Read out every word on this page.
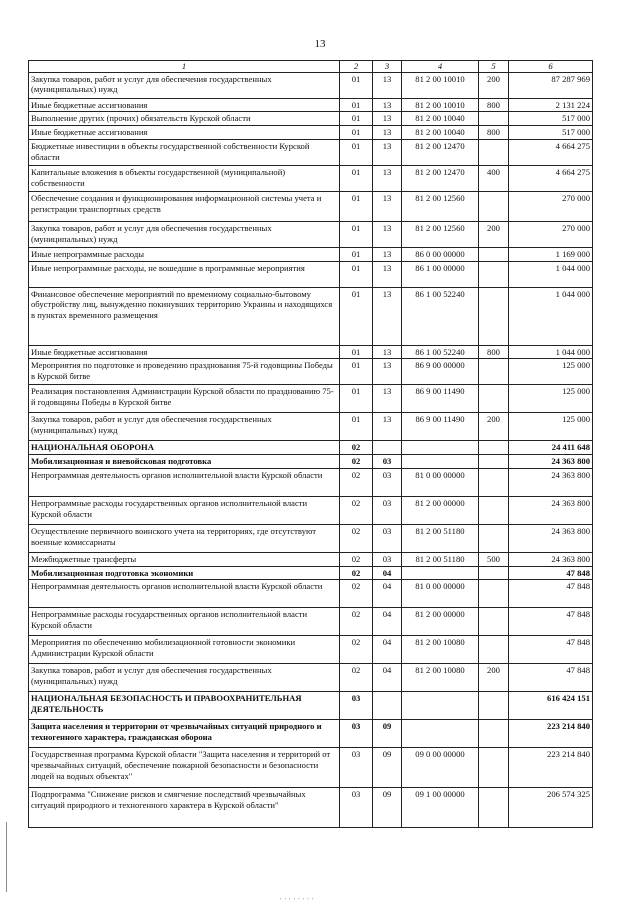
13
' ' ' ' ' ' ' '
1	2	3	4	5	6
Закупка товаров, работ и услуг для обеспечения государственных (муниципальных) нужд	01	13	81 2 00 10010	200	87 287 969
Иные бюджетные ассигнования	01	13	81 2 00 10010	800	2 131 224
Выполнение других (прочих) обязательств Курской области	01	13	81 2 00 10040		517 000
Иные бюджетные ассигнования	01	13	81 2 00 10040	800	517 000
Бюджетные инвестиции в объекты государственной собственности Курской области	01	13	81 2 00 12470		4 664 275
Капитальные вложения в объекты государственной (муниципальной) собственности	01	13	81 2 00 12470	400	4 664 275
Обеспечение создания и функционирования информационной системы учета и регистрации транспортных средств	01	13	81 2 00 12560		270 000
Закупка товаров, работ и услуг для обеспечения государственных (муниципальных) нужд	01	13	81 2 00 12560	200	270 000
Иные непрограммные расходы	01	13	86 0 00 00000		1 169 000
Иные непрограммные расходы, не вошедшие в программные мероприятия	01	13	86 1 00 00000		1 044 000
Финансовое обеспечение мероприятий по временному социально-бытовому обустройству лиц, вынужденно покинувших территорию Украины и находящихся в пунктах временного размещения	01	13	86 1 00 52240		1 044 000
Иные бюджетные ассигнования	01	13	86 1 00 52240	800	1 044 000
Мероприятия по подготовке и проведению празднования 75-й годовщины Победы в Курской битве	01	13	86 9 00 00000		125 000
Реализация постановления Администрации Курской области по празднованию 75-й годовщины Победы в Курской битве	01	13	86 9 00 11490		125 000
Закупка товаров, работ и услуг для обеспечения государственных (муниципальных) нужд	01	13	86 9 00 11490	200	125 000
НАЦИОНАЛЬНАЯ ОБОРОНА	02				24 411 648
Мобилизационная и вневойсковая подготовка	02	03			24 363 800
Непрограммная деятельность органов исполнительной власти Курской области	02	03	81 0 00 00000		24 363 800
Непрограммные расходы государственных органов исполнительной власти Курской области	02	03	81 2 00 00000		24 363 800
Осуществление первичного воинского учета на территориях, где отсутствуют военные комиссариаты	02	03	81 2 00 51180		24 363 800
Межбюджетные трансферты	02	03	81 2 00 51180	500	24 363 800
Мобилизационная подготовка экономики	02	04			47 848
Непрограммная деятельность органов исполнительной власти Курской области	02	04	81 0 00 00000		47 848
Непрограммные расходы государственных органов исполнительной власти Курской области	02	04	81 2 00 00000		47 848
Мероприятия по обеспечению мобилизационной готовности экономики Администрации Курской области	02	04	81 2 00 10080		47 848
Закупка товаров, работ и услуг для обеспечения государственных (муниципальных) нужд	02	04	81 2 00 10080	200	47 848
НАЦИОНАЛЬНАЯ БЕЗОПАСНОСТЬ И ПРАВООХРАНИТЕЛЬНАЯ ДЕЯТЕЛЬНОСТЬ	03				616 424 151
Защита населения и территории от чрезвычайных ситуаций природного и техногенного характера, гражданская оборона	03	09			223 214 840
Государственная программа Курской области "Защита населения и территорий от чрезвычайных ситуаций, обеспечение пожарной безопасности и безопасности людей на водных объектах"	03	09	09 0 00 00000		223 214 840
Подпрограмма "Снижение рисков и смягчение последствий чрезвычайных ситуаций природного и техногенного характера в Курской области"	03	09	09 1 00 00000		206 574 325
